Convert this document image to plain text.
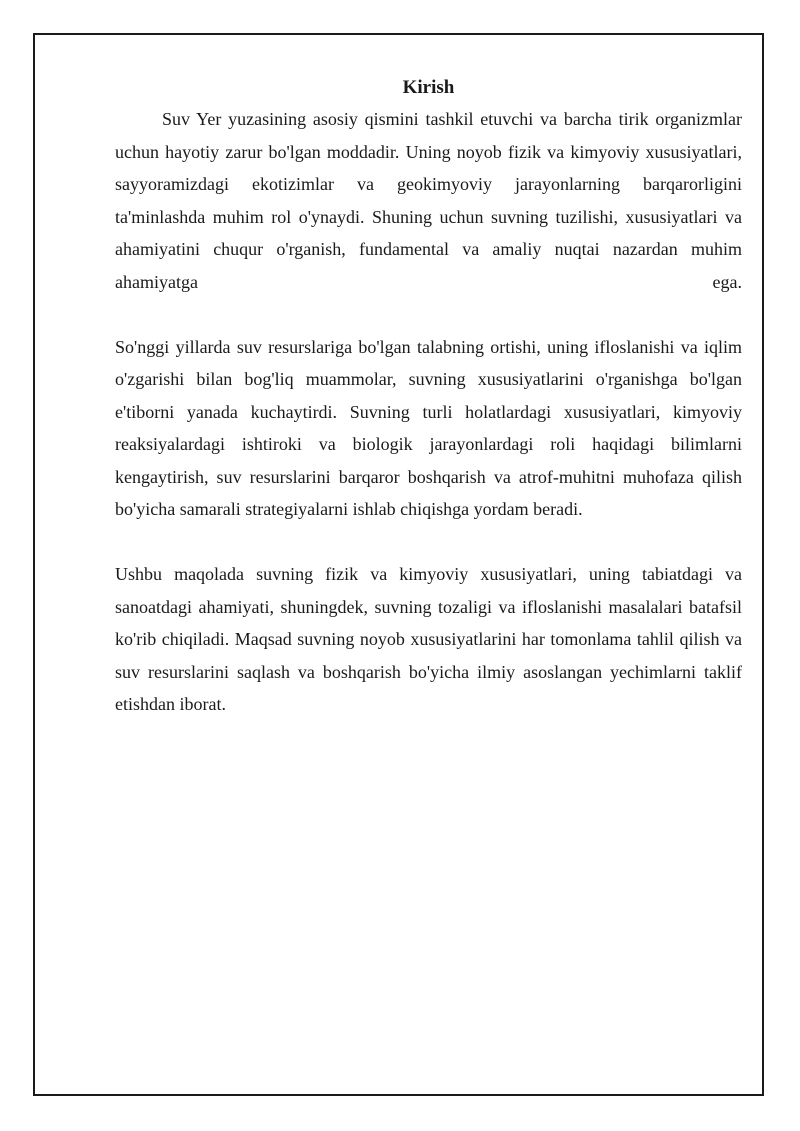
Kirish

Suv Yer yuzasining asosiy qismini tashkil etuvchi va barcha tirik organizmlar uchun hayotiy zarur bo'lgan moddadir. Uning noyob fizik va kimyoviy xususiyatlari, sayyoramizdagi ekotizimlar va geokimyoviy jarayonlarning barqarorligini ta'minlashda muhim rol o'ynaydi. Shuning uchun suvning tuzilishi, xususiyatlari va ahamiyatini chuqur o'rganish, fundamental va amaliy nuqtai nazardan muhim ahamiyatga ega.

So'nggi yillarda suv resurslariga bo'lgan talabning ortishi, uning ifloslanishi va iqlim o'zgarishi bilan bog'liq muammolar, suvning xususiyatlarini o'rganishga bo'lgan e'tiborni yanada kuchaytirdi. Suvning turli holatlardagi xususiyatlari, kimyoviy reaksiyalardagi ishtiroki va biologik jarayonlardagi roli haqidagi bilimlarni kengaytirish, suv resurslarini barqaror boshqarish va atrof-muhitni muhofaza qilish bo'yicha samarali strategiyalarni ishlab chiqishga yordam beradi.

Ushbu maqolada suvning fizik va kimyoviy xususiyatlari, uning tabiatdagi va sanoatdagi ahamiyati, shuningdek, suvning tozaligi va ifloslanishi masalalari batafsil ko'rib chiqiladi. Maqsad suvning noyob xususiyatlarini har tomonlama tahlil qilish va suv resurslarini saqlash va boshqarish bo'yicha ilmiy asoslangan yechimlarni taklif etishdan iborat.
